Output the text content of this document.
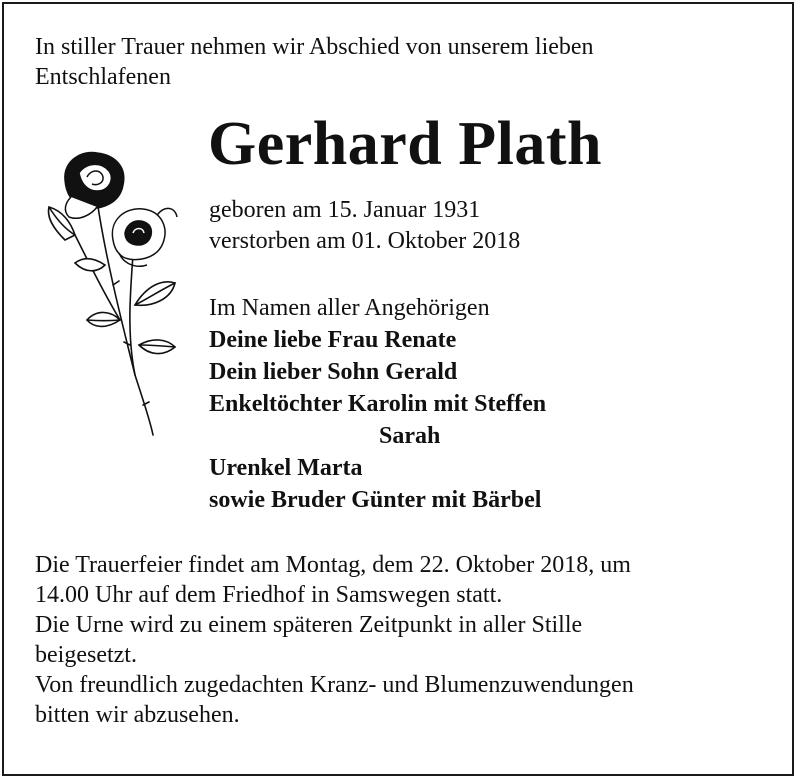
In stiller Trauer nehmen wir Abschied von unserem lieben
Entschlafenen
Gerhard Plath
geboren am 15. Januar 1931
verstorben am 01. Oktober 2018
Im Namen aller Angehörigen
Deine liebe Frau Renate
Dein lieber Sohn Gerald
Enkeltöchter Karolin mit Steffen
Sarah
Urenkel Marta
sowie Bruder Günter mit Bärbel

Die Trauerfeier findet am Montag, dem 22. Oktober 2018, um
14.00 Uhr auf dem Friedhof in Samswegen statt.

Die Urne wird zu einem späteren Zeitpunkt in aller Stille
beigesetzt.

Von freundlich zugedachten Kranz- und Blumenzuwendungen
bitten wir abzusehen.
